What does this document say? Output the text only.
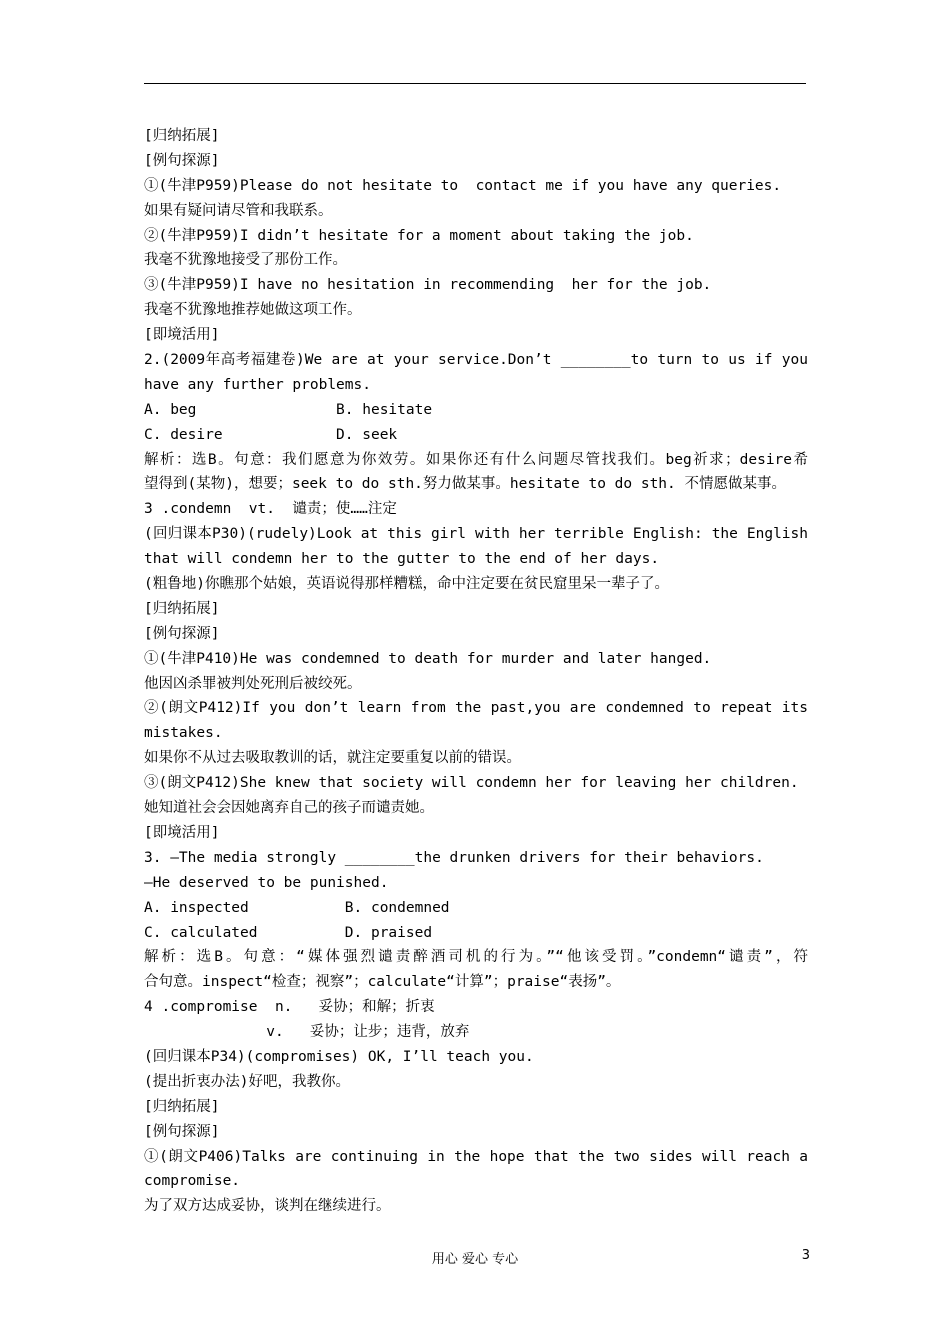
[归纳拓展]
[例句探源]
①(牛津P959)Please do not hesitate to  contact me if you have any queries.
如果有疑问请尽管和我联系。
②(牛津P959)I didn’t hesitate for a moment about taking the job.
我毫不犹豫地接受了那份工作。
③(牛津P959)I have no hesitation in recommending  her for the job.
我毫不犹豫地推荐她做这项工作。
[即境活用]
2.(2009年高考福建卷)We are at your service.Don’t ________to turn to us if you
have any further problems.
A. beg                B. hesitate
C. desire             D. seek
解析：选B。句意：我们愿意为你效劳。如果你还有什么问题尽管找我们。beg祈求；desire希
望得到(某物)，想要；seek to do sth.努力做某事。hesitate to do sth. 不情愿做某事。
3 .condemn  vt.  谴责；使……注定
(回归课本P30)(rudely)Look at this girl with her terrible English: the English
that will condemn her to the gutter to the end of her days.
(粗鲁地)你瞧那个姑娘，英语说得那样糟糕，命中注定要在贫民窟里呆一辈子了。
[归纳拓展]
[例句探源]
①(牛津P410)He was condemned to death for murder and later hanged.
他因凶杀罪被判处死刑后被绞死。
②(朗文P412)If you don’t learn from the past,you are condemned to repeat its
mistakes.
如果你不从过去吸取教训的话，就注定要重复以前的错误。
③(朗文P412)She knew that society will condemn her for leaving her children.
她知道社会会因她离弃自己的孩子而谴责她。
[即境活用]
3. —The media strongly ________the drunken drivers for their behaviors.
—He deserved to be punished.
A. inspected           B. condemned
C. calculated          D. praised
解析：选B。句意：“媒体强烈谴责醉酒司机的行为。”“他该受罚。”condemn“谴责”，符
合句意。inspect“检查；视察”；calculate“计算”；praise“表扬”。
4 .compromise  n.   妥协；和解；折衷
v.   妥协；让步；违背，放弃
(回归课本P34)(compromises) OK, I’ll teach you.
(提出折衷办法)好吧，我教你。
[归纳拓展]
[例句探源]
①(朗文P406)Talks are continuing in the hope that the two sides will reach a
compromise.
为了双方达成妥协，谈判在继续进行。
用心 爱心 专心	3
